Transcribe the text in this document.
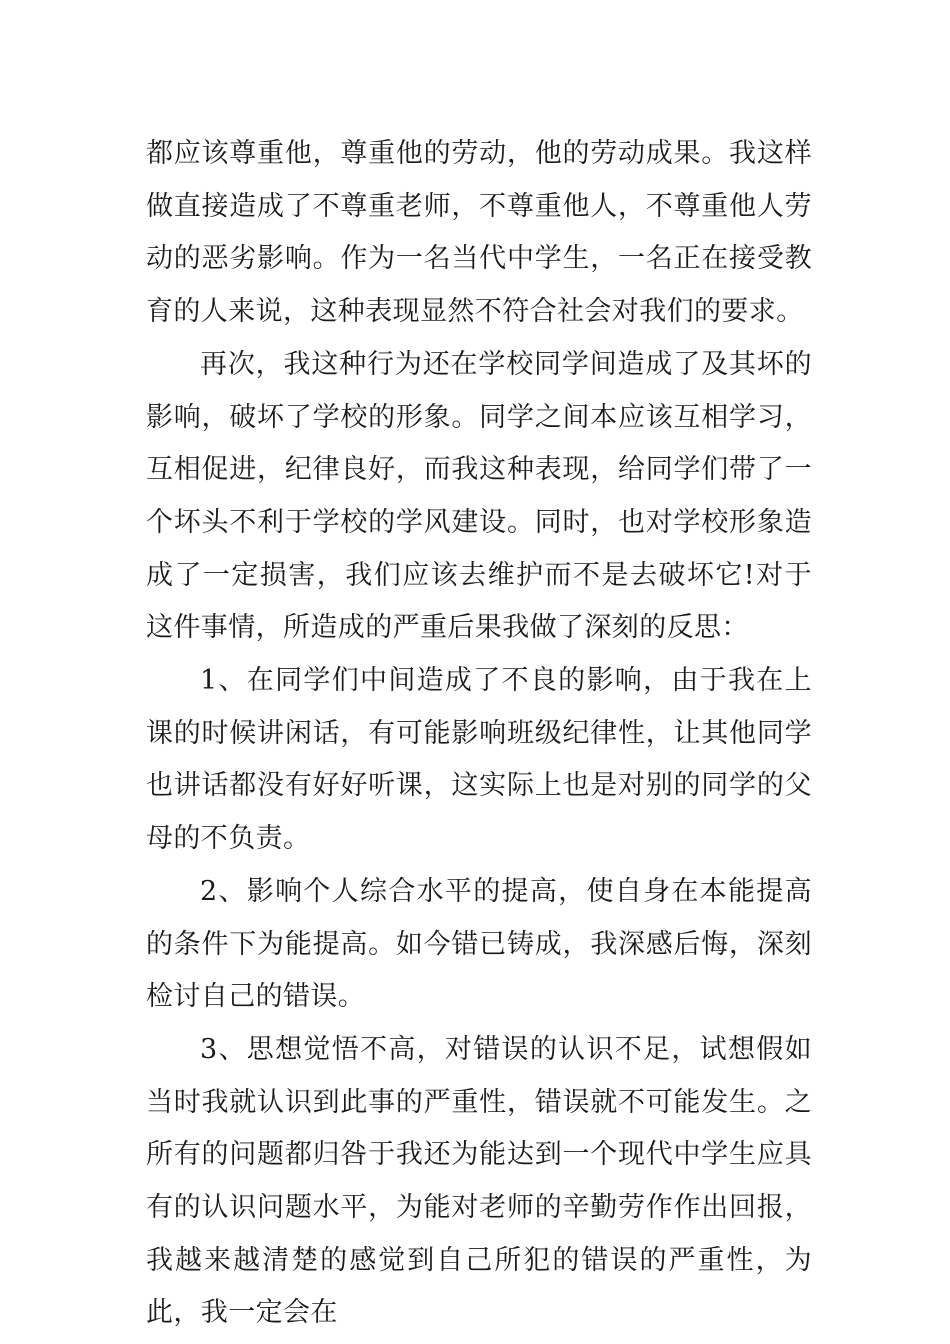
都应该尊重他，尊重他的劳动，他的劳动成果。我这样做直接造成了不尊重老师，不尊重他人，不尊重他人劳动的恶劣影响。作为一名当代中学生，一名正在接受教育的人来说，这种表现显然不符合社会对我们的要求。

再次，我这种行为还在学校同学间造成了及其坏的影响，破坏了学校的形象。同学之间本应该互相学习，互相促进，纪律良好，而我这种表现，给同学们带了一个坏头不利于学校的学风建设。同时，也对学校形象造成了一定损害，我们应该去维护而不是去破坏它!对于这件事情，所造成的严重后果我做了深刻的反思：

1、在同学们中间造成了不良的影响，由于我在上课的时候讲闲话，有可能影响班级纪律性，让其他同学也讲话都没有好好听课，这实际上也是对别的同学的父母的不负责。

2、影响个人综合水平的提高，使自身在本能提高的条件下为能提高。如今错已铸成，我深感后悔，深刻检讨自己的错误。

3、思想觉悟不高，对错误的认识不足，试想假如当时我就认识到此事的严重性，错误就不可能发生。之所有的问题都归咎于我还为能达到一个现代中学生应具有的认识问题水平，为能对老师的辛勤劳作作出回报，我越来越清楚的感觉到自己所犯的错误的严重性，为此，我一定会在
